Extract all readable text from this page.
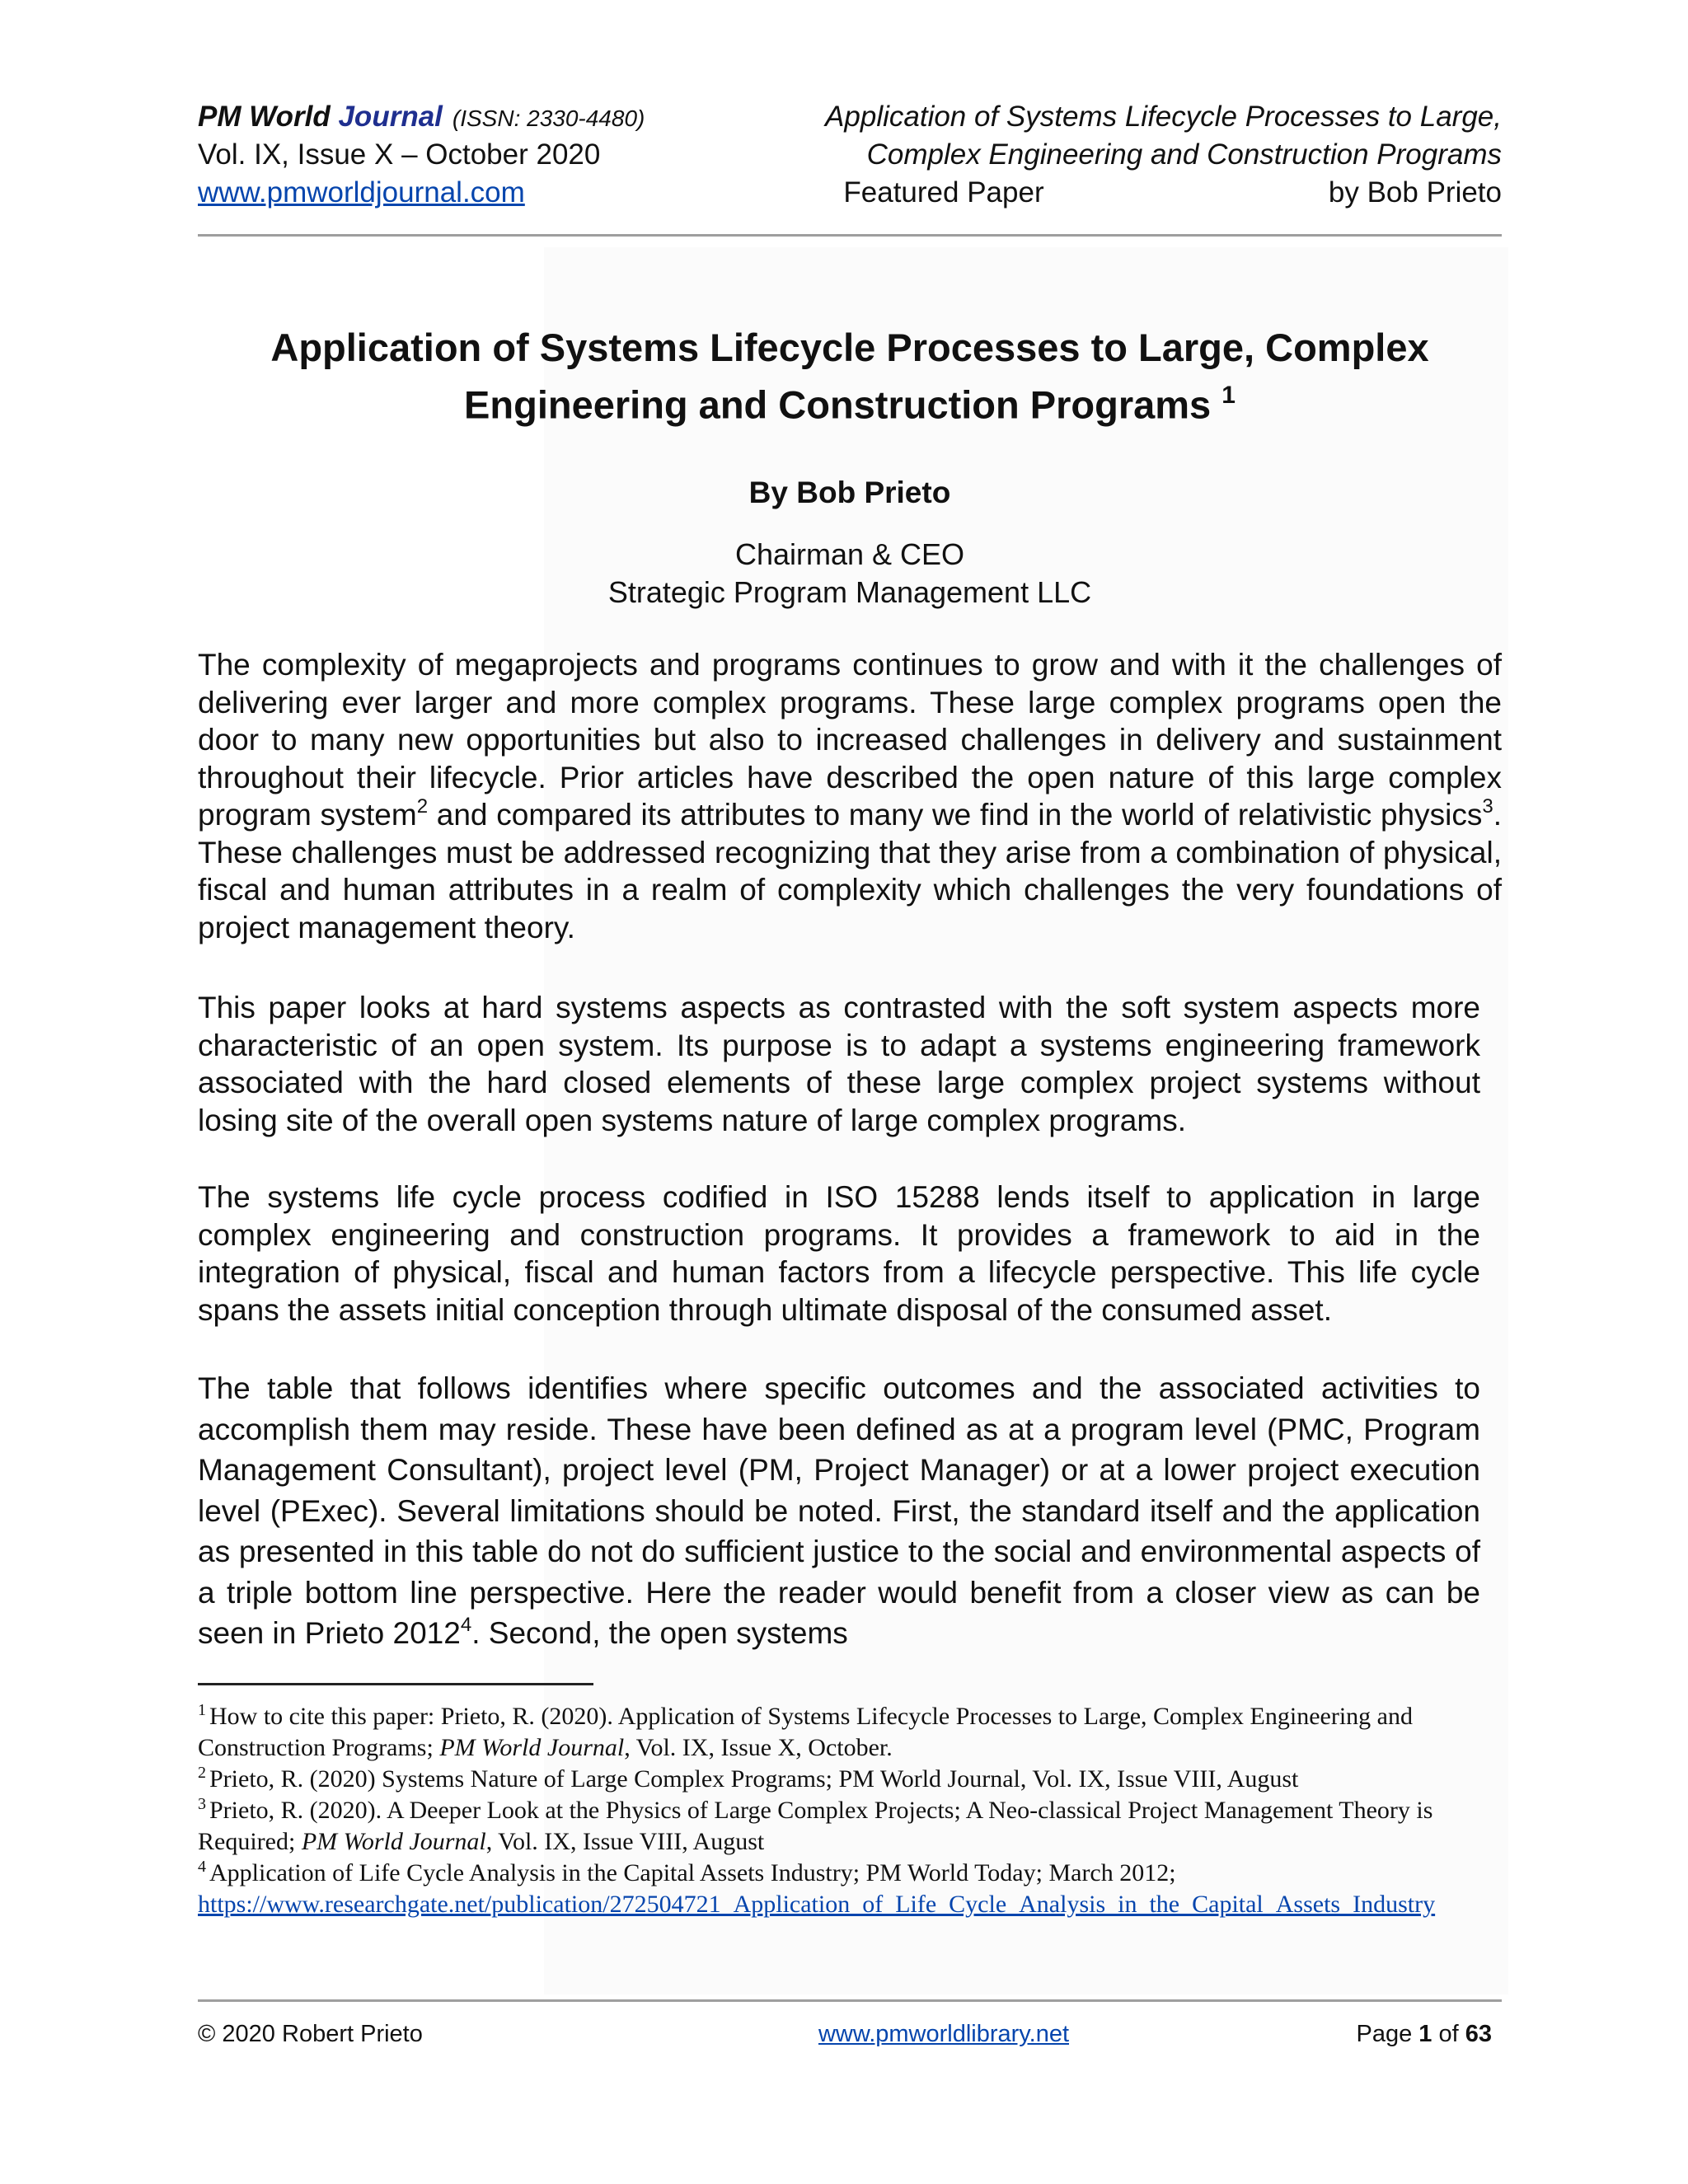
PM World Journal (ISSN: 2330-4480)	Application of Systems Lifecycle Processes to Large,
Vol. IX, Issue X – October 2020	Complex Engineering and Construction Programs
www.pmworldjournal.com	Featured Paper	by Bob Prieto
Application of Systems Lifecycle Processes to Large, Complex
Engineering and Construction Programs $^1$
By Bob Prieto
Chairman & CEO
Strategic Program Management LLC
The complexity of megaprojects and programs continues to grow and with it the challenges of delivering ever larger and more complex programs. These large complex programs open the door to many new opportunities but also to increased challenges in delivery and sustainment throughout their lifecycle. Prior articles have described the open nature of this large complex program system$^2$ and compared its attributes to many we find in the world of relativistic physics$^3$. These challenges must be addressed recognizing that they arise from a combination of physical, fiscal and human attributes in a realm of complexity which challenges the very foundations of project management theory.
This paper looks at hard systems aspects as contrasted with the soft system aspects more characteristic of an open system. Its purpose is to adapt a systems engineering framework associated with the hard closed elements of these large complex project systems without losing site of the overall open systems nature of large complex programs.
The systems life cycle process codified in ISO 15288 lends itself to application in large complex engineering and construction programs. It provides a framework to aid in the integration of physical, fiscal and human factors from a lifecycle perspective. This life cycle spans the assets initial conception through ultimate disposal of the consumed asset.
The table that follows identifies where specific outcomes and the associated activities to accomplish them may reside. These have been defined as at a program level (PMC, Program Management Consultant), project level (PM, Project Manager) or at a lower project execution level (PExec). Several limitations should be noted. First, the standard itself and the application as presented in this table do not do sufficient justice to the social and environmental aspects of a triple bottom line perspective. Here the reader would benefit from a closer view as can be seen in Prieto 2012$^4$. Second, the open systems
$^1$ How to cite this paper: Prieto, R. (2020). Application of Systems Lifecycle Processes to Large, Complex Engineering and Construction Programs; PM World Journal, Vol. IX, Issue X, October.
$^2$ Prieto, R. (2020) Systems Nature of Large Complex Programs; PM World Journal, Vol. IX, Issue VIII, August
$^3$ Prieto, R. (2020). A Deeper Look at the Physics of Large Complex Projects; A Neo-classical Project Management Theory is Required; PM World Journal, Vol. IX, Issue VIII, August
$^4$ Application of Life Cycle Analysis in the Capital Assets Industry; PM World Today; March 2012;
https://www.researchgate.net/publication/272504721_Application_of_Life_Cycle_Analysis_in_the_Capital_Assets_Industry
© 2020 Robert Prieto	www.pmworldlibrary.net	Page 1 of 63
